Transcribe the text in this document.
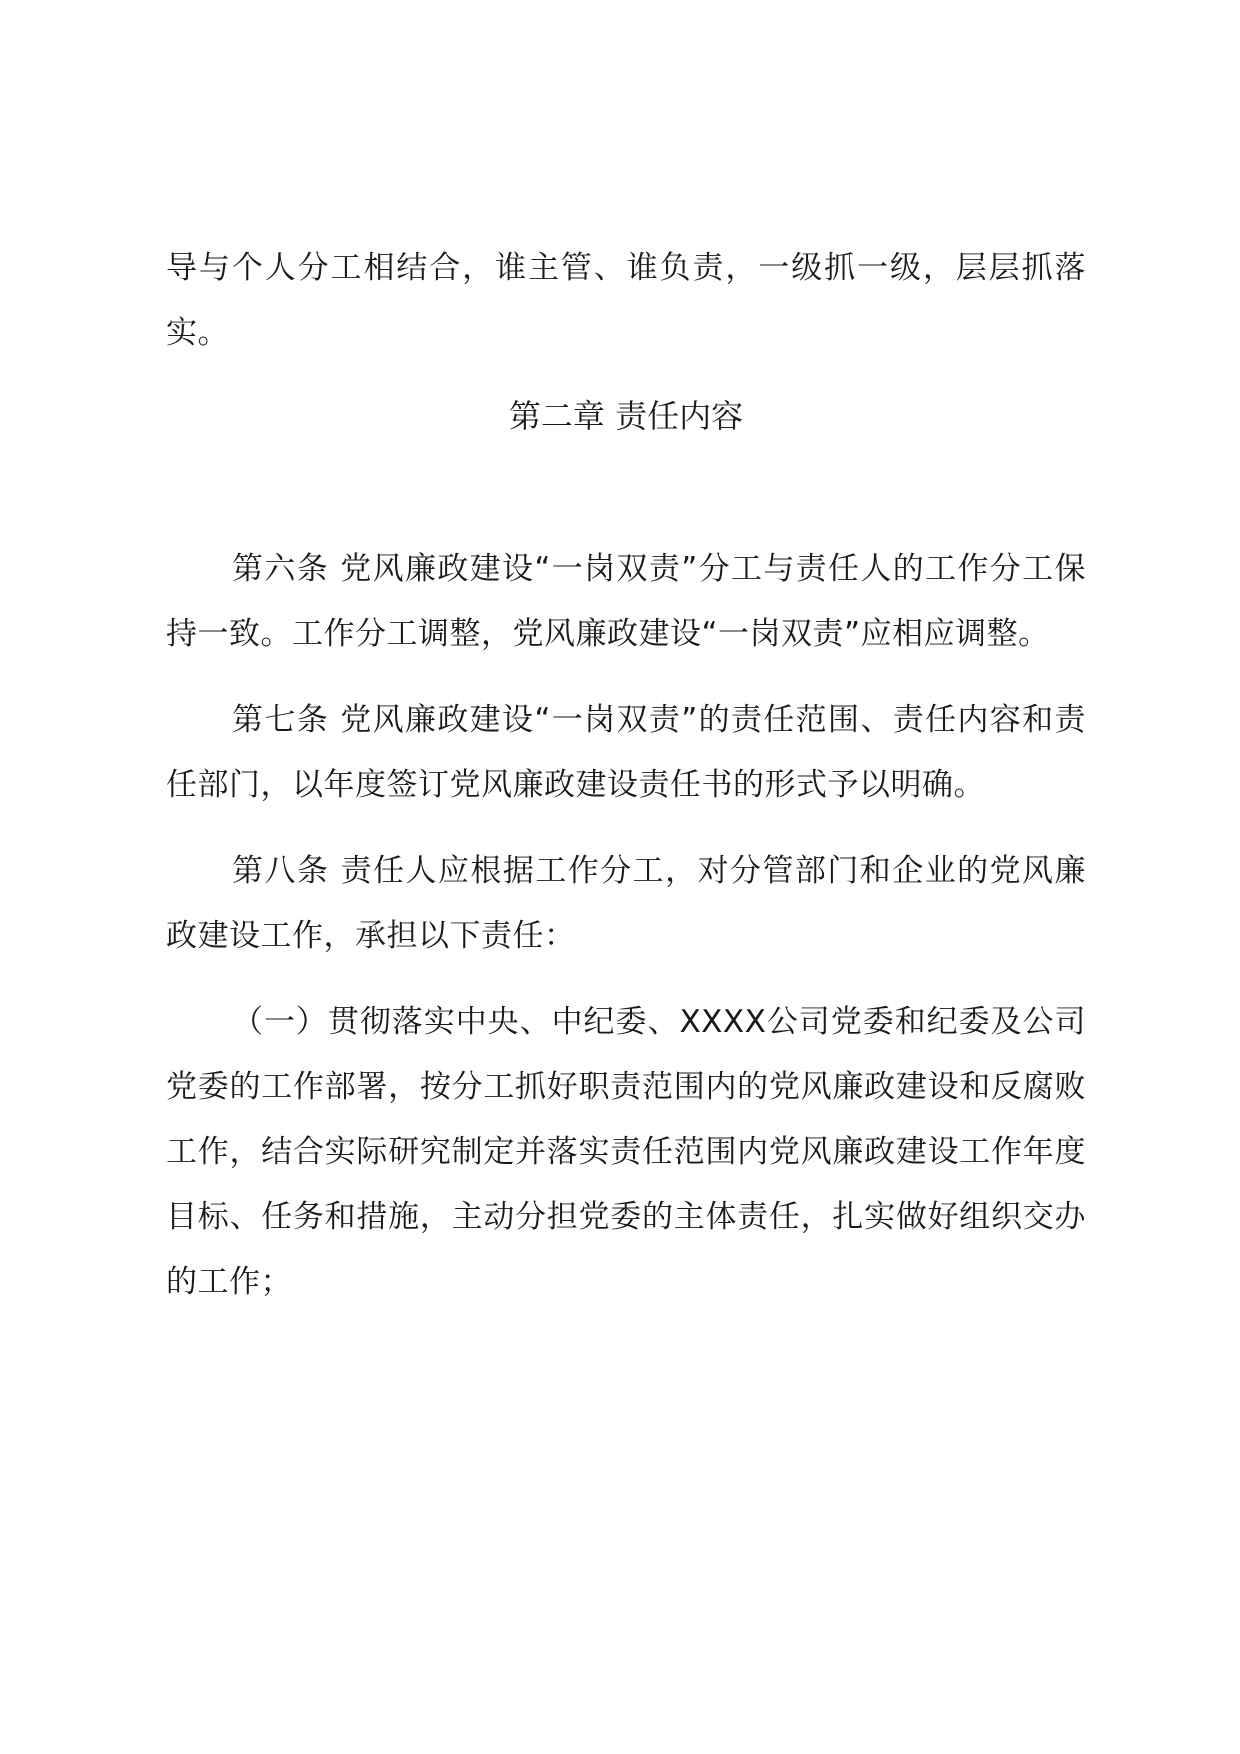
导与个人分工相结合，谁主管、谁负责，一级抓一级，层层抓落实。

第二章 责任内容

第六条 党风廉政建设“一岗双责”分工与责任人的工作分工保持一致。工作分工调整，党风廉政建设“一岗双责”应相应调整。

第七条 党风廉政建设“一岗双责”的责任范围、责任内容和责任部门，以年度签订党风廉政建设责任书的形式予以明确。

第八条 责任人应根据工作分工，对分管部门和企业的党风廉政建设工作，承担以下责任：

（一）贯彻落实中央、中纪委、XXXX公司党委和纪委及公司党委的工作部署，按分工抓好职责范围内的党风廉政建设和反腐败工作，结合实际研究制定并落实责任范围内党风廉政建设工作年度目标、任务和措施，主动分担党委的主体责任，扎实做好组织交办的工作；
